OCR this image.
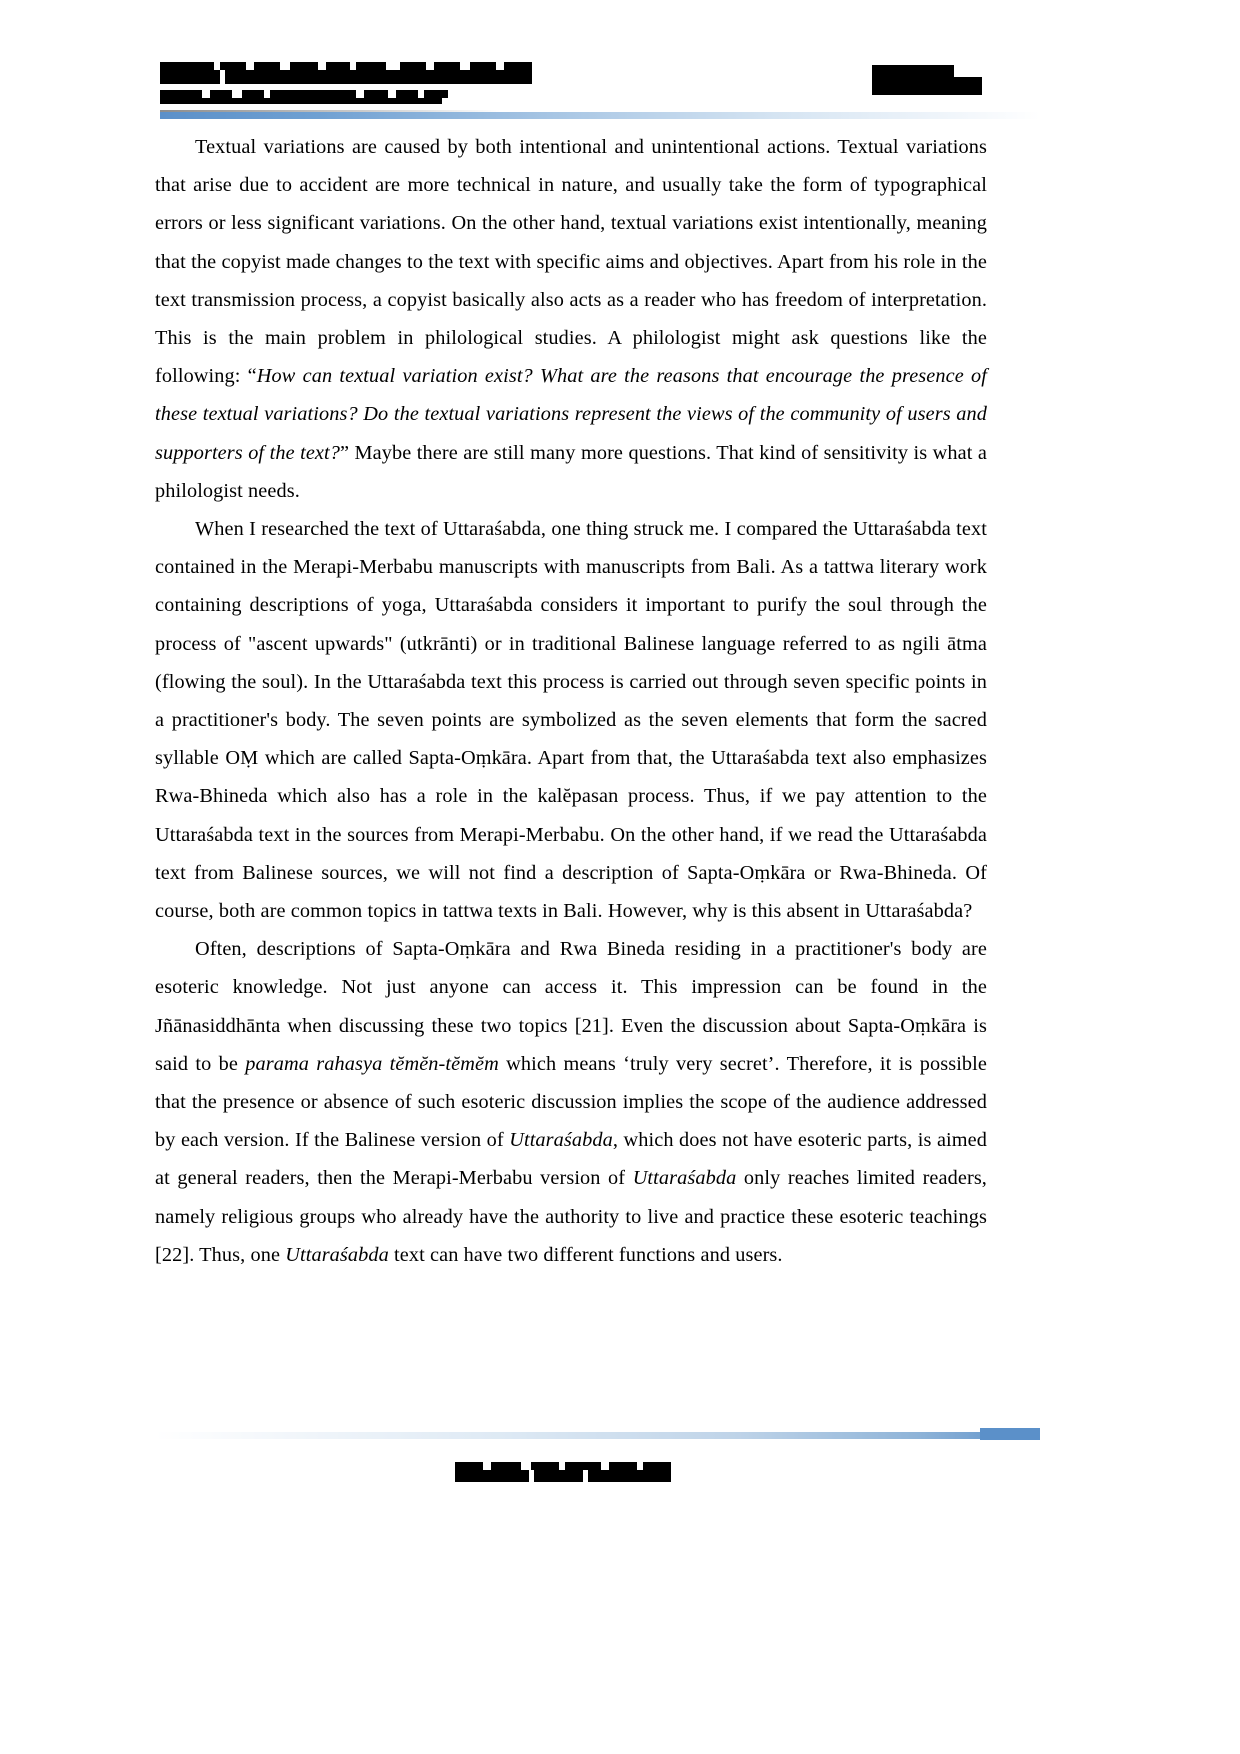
Textual variations are caused by both intentional and unintentional actions. Textual variations that arise due to accident are more technical in nature, and usually take the form of typographical errors or less significant variations. On the other hand, textual variations exist intentionally, meaning that the copyist made changes to the text with specific aims and objectives. Apart from his role in the text transmission process, a copyist basically also acts as a reader who has freedom of interpretation. This is the main problem in philological studies. A philologist might ask questions like the following: “How can textual variation exist? What are the reasons that encourage the presence of these textual variations? Do the textual variations represent the views of the community of users and supporters of the text?” Maybe there are still many more questions. That kind of sensitivity is what a philologist needs.

When I researched the text of Uttaraśabda, one thing struck me. I compared the Uttaraśabda text contained in the Merapi-Merbabu manuscripts with manuscripts from Bali. As a tattwa literary work containing descriptions of yoga, Uttaraśabda considers it important to purify the soul through the process of "ascent upwards" (utkrānti) or in traditional Balinese language referred to as ngili ātma (flowing the soul). In the Uttaraśabda text this process is carried out through seven specific points in a practitioner's body. The seven points are symbolized as the seven elements that form the sacred syllable OṂ which are called Sapta-Oṃkāra. Apart from that, the Uttaraśabda text also emphasizes Rwa-Bhineda which also has a role in the kalĕpasan process. Thus, if we pay attention to the Uttaraśabda text in the sources from Merapi-Merbabu. On the other hand, if we read the Uttaraśabda text from Balinese sources, we will not find a description of Sapta-Oṃkāra or Rwa-Bhineda. Of course, both are common topics in tattwa texts in Bali. However, why is this absent in Uttaraśabda?

Often, descriptions of Sapta-Oṃkāra and Rwa Bineda residing in a practitioner's body are esoteric knowledge. Not just anyone can access it. This impression can be found in the Jñānasiddhānta when discussing these two topics [21]. Even the discussion about Sapta-Oṃkāra is said to be parama rahasya tĕmĕn-tĕmĕm which means ‘truly very secret’. Therefore, it is possible that the presence or absence of such esoteric discussion implies the scope of the audience addressed by each version. If the Balinese version of Uttaraśabda, which does not have esoteric parts, is aimed at general readers, then the Merapi-Merbabu version of Uttaraśabda only reaches limited readers, namely religious groups who already have the authority to live and practice these esoteric teachings [22]. Thus, one Uttaraśabda text can have two different functions and users.
